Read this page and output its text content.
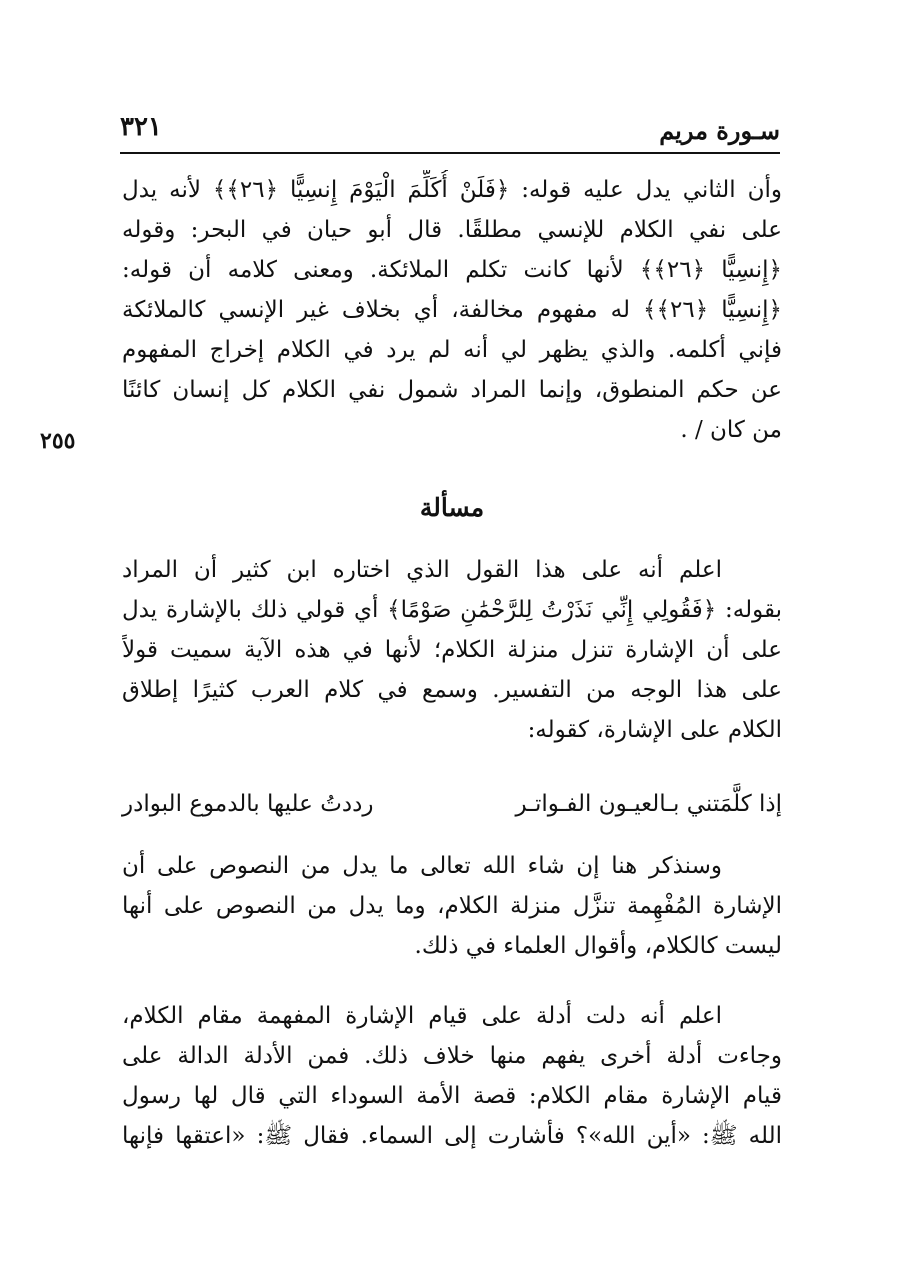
سـورة مريم
٣٢١
٢٥٥
وأن الثاني يدل عليه قوله: ﴿فَلَنْ أُكَلِّمَ الْيَوْمَ إِنسِيًّا ﴿٢٦﴾﴾ لأنه يدل
على نفي الكلام للإنسي مطلقًا. قال أبو حيان في البحر: وقوله
﴿إِنسِيًّا ﴿٢٦﴾﴾ لأنها كانت تكلم الملائكة. ومعنى كلامه أن قوله:
﴿إِنسِيًّا ﴿٢٦﴾﴾ له مفهوم مخالفة، أي بخلاف غير الإنسي كالملائكة
فإني أكلمه. والذي يظهر لي أنه لم يرد في الكلام إخراج المفهوم
عن حكم المنطوق، وإنما المراد شمول نفي الكلام كل إنسان كائنًا
من كان / .
مسألة
اعلم أنه على هذا القول الذي اختاره ابن كثير أن المراد
بقوله: ﴿فَقُولِي إِنِّي نَذَرْتُ لِلرَّحْمَٰنِ صَوْمًا﴾ أي قولي ذلك بالإشارة يدل
على أن الإشارة تنزل منزلة الكلام؛ لأنها في هذه الآية سميت قولاً
على هذا الوجه من التفسير. وسمع في كلام العرب كثيرًا إطلاق
الكلام على الإشارة، كقوله:
إذا كلَّمَتني بـالعيـون الفـواتـر
رددتُ عليها بالدموع البوادر
وسنذكر هنا إن شاء الله تعالى ما يدل من النصوص على أن
الإشارة المُفْهِمة تنزَّل منزلة الكلام، وما يدل من النصوص على أنها
ليست كالكلام، وأقوال العلماء في ذلك.
اعلم أنه دلت أدلة على قيام الإشارة المفهمة مقام الكلام،
وجاءت أدلة أخرى يفهم منها خلاف ذلك. فمن الأدلة الدالة على
قيام الإشارة مقام الكلام: قصة الأمة السوداء التي قال لها رسول
الله ﷺ: «أين الله»؟ فأشارت إلى السماء. فقال ﷺ: «اعتقها فإنها
